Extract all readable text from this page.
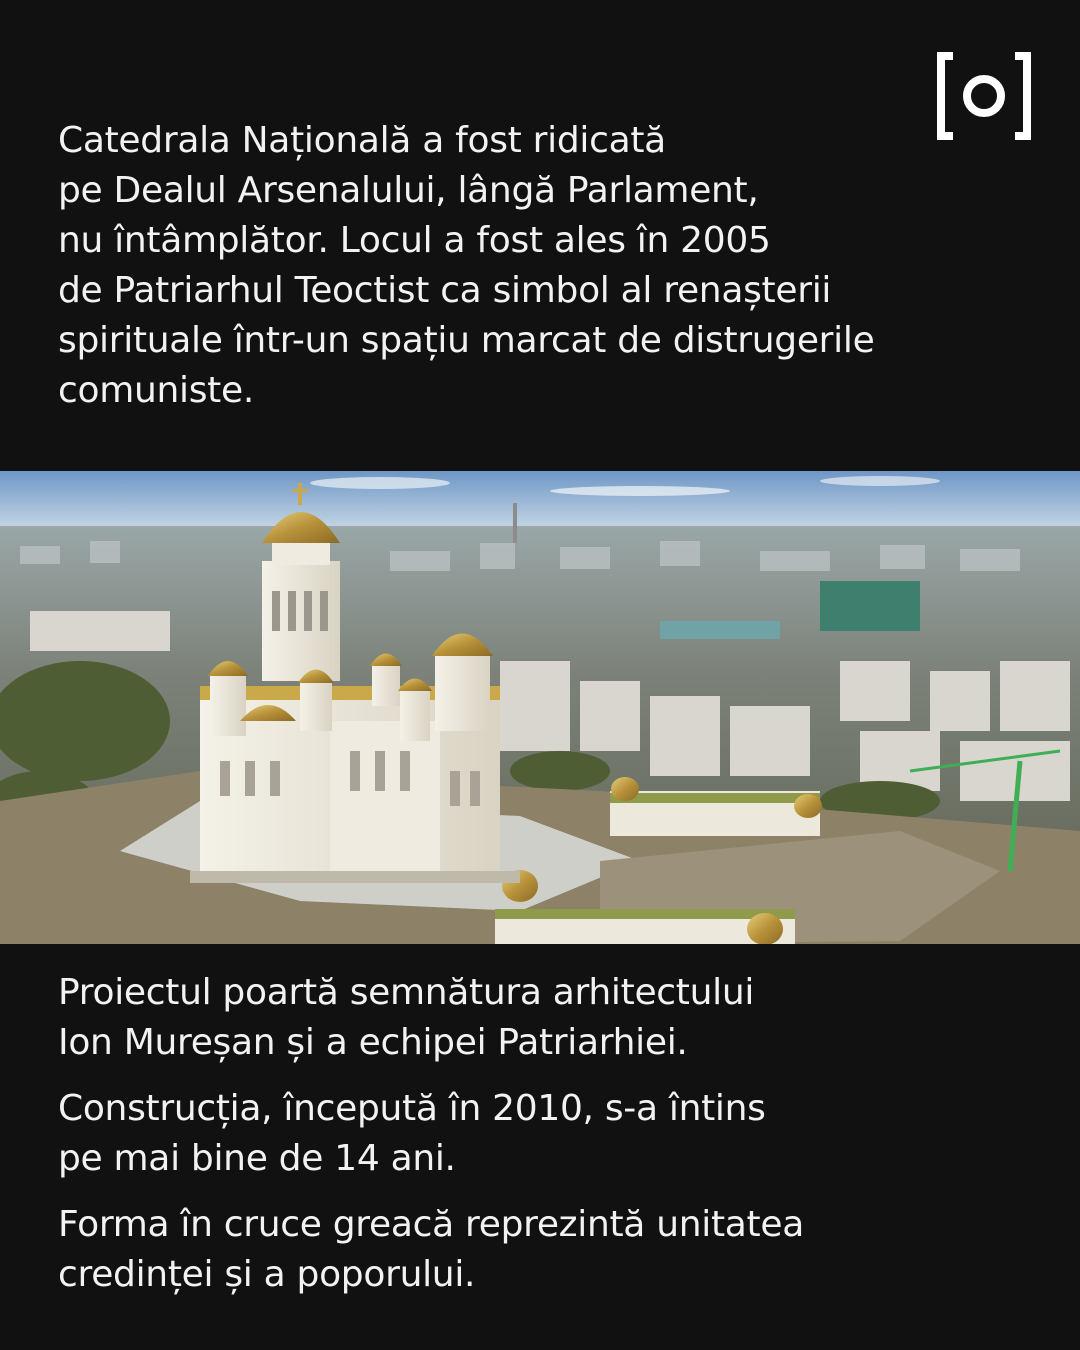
Catedrala Națională a fost ridicată
pe Dealul Arsenalului, lângă Parlament,
nu întâmplător. Locul a fost ales în 2005
de Patriarhul Teoctist ca simbol al renașterii
spirituale într-un spațiu marcat de distrugerile
comuniste.
Proiectul poartă semnătura arhitectului
Ion Mureșan și a echipei Patriarhiei.
Construcția, începută în 2010, s-a întins
pe mai bine de 14 ani.
Forma în cruce greacă reprezintă unitatea
credinței și a poporului.
